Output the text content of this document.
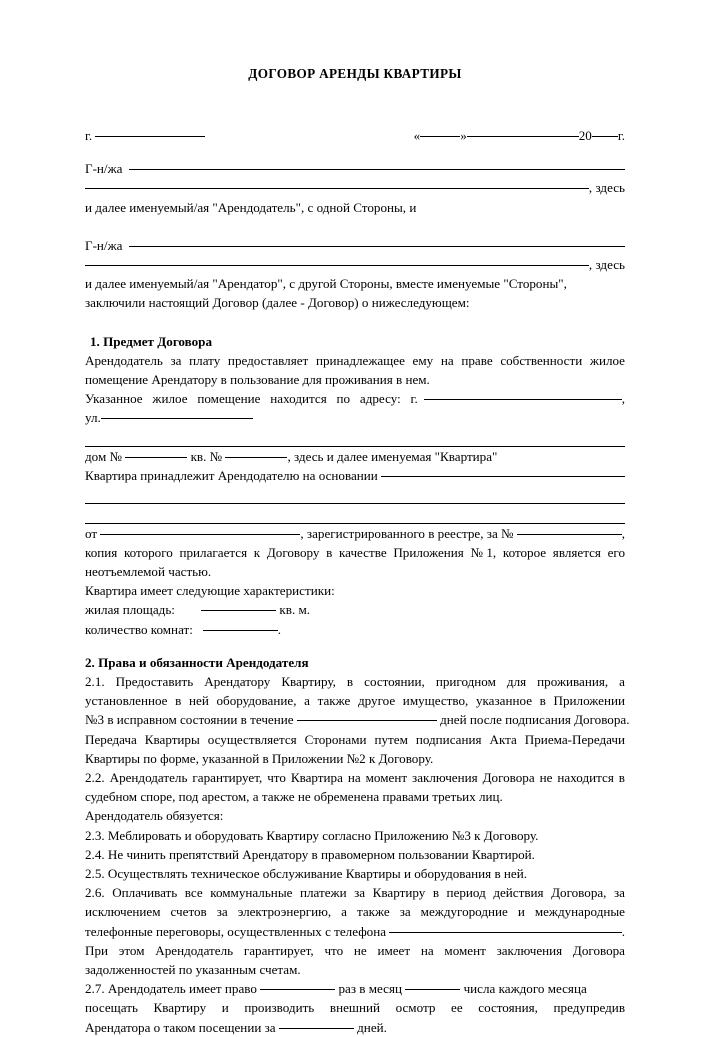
ДОГОВОР АРЕНДЫ КВАРТИРЫ
г.
	«	»	20 г.
Г-н/жа

, здесь

и далее именуемый/ая "Арендодатель", с одной Стороны, и

Г-н/жа

, здесь

и далее именуемый/ая "Арендатор", с другой Стороны, вместе именуемые "Стороны",

заключили настоящий Договор (далее - Договор) о нижеследующем:

1. Предмет Договора

Арендодатель за плату предоставляет принадлежащее ему на праве собственности жилое помещение Арендатору в пользование для проживания в нем.

Указанное   жилое   помещение   находится   по   адресу:   г.
	,
ул.
дом №	кв. №	, здесь и далее именуемая "Квартира"
Квартира принадлежит Арендодателю на основании
от	, зарегистрированного в реестре, за №	,

копия которого прилагается к Договору в качестве Приложения №1, которое является его неотъемлемой частью.

Квартира имеет следующие характеристики:

жилая площадь:
	кв. м.
количество комнат:
	.

2. Права и обязанности Арендодателя

2.1. Предоставить Арендатору Квартиру, в состоянии, пригодном для проживания, а установленное в ней оборудование, а также другое имущество, указанное в Приложении

№3 в исправном состоянии в течение	дней после подписания Договора.

Передача Квартиры осуществляется Сторонами путем подписания Акта Приема-Передачи Квартиры по форме, указанной в Приложении №2 к Договору.

2.2. Арендодатель гарантирует, что Квартира на момент заключения Договора не находится в судебном споре, под арестом, а также не обременена правами третьих лиц.

Арендодатель обязуется:

2.3. Меблировать и оборудовать Квартиру согласно Приложению №3 к Договору.

2.4. Не чинить препятствий Арендатору в правомерном пользовании Квартирой.

2.5. Осуществлять техническое обслуживание Квартиры и оборудования в ней.

2.6. Оплачивать все коммунальные платежи за Квартиру в период действия Договора, за исключением счетов за электроэнергию, а также за междугородние и международные

телефонные переговоры, осуществленных с телефона	.

При этом Арендодатель гарантирует, что не имеет на момент заключения Договора задолженностей по указанным счетам.

2.7. Арендодатель имеет право	раз в месяц	числа каждого месяца

посещать Квартиру и производить внешний осмотр ее состояния, предупредив

Арендатора о таком посещении за	дней.
